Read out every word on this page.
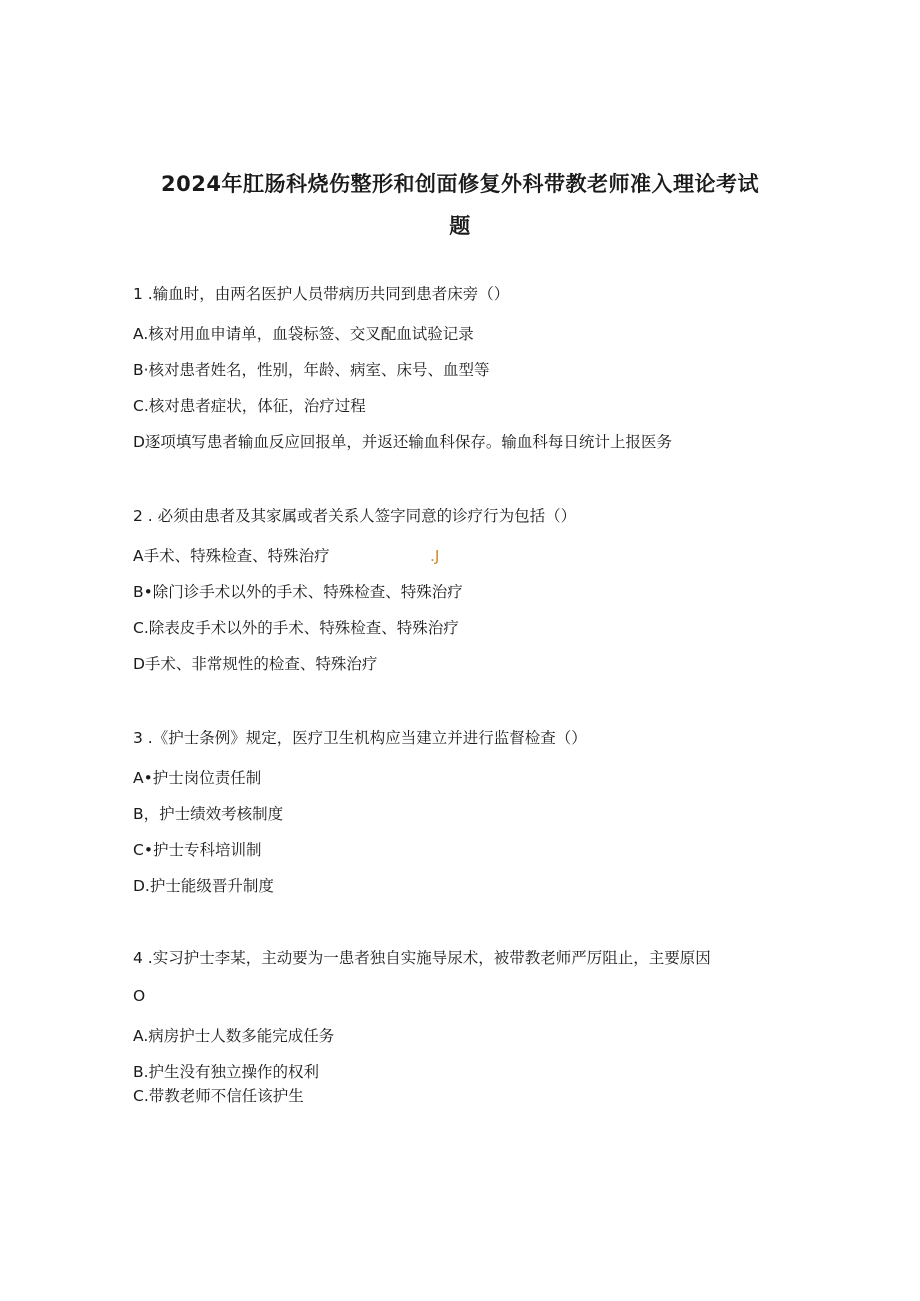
2024年肛肠科烧伤整形和创面修复外科带教老师准入理论考试
题
1 .输血时，由两名医护人员带病历共同到患者床旁（）
A.核对用血申请单，血袋标签、交叉配血试验记录
B·核对患者姓名，性别，年龄、病室、床号、血型等
C.核对患者症状，体征，治疗过程
D逐项填写患者输血反应回报单，并返还输血科保存。输血科每日统计上报医务
2 . 必须由患者及其家属或者关系人签字同意的诊疗行为包括（）
A手术、特殊检查、特殊治疗	.J
B•除门诊手术以外的手术、特殊检查、特殊治疗
C.除表皮手术以外的手术、特殊检查、特殊治疗
D手术、非常规性的检查、特殊治疗
3 .《护士条例》规定，医疗卫生机构应当建立并进行监督检查（）
A•护士岗位责任制
B，护士绩效考核制度
C•护士专科培训制
D.护士能级晋升制度
4 .实习护士李某，主动要为一患者独自实施导尿术，被带教老师严厉阻止，主要原因
O
A.病房护士人数多能完成任务
B.护生没有独立操作的权利
C.带教老师不信任该护生
